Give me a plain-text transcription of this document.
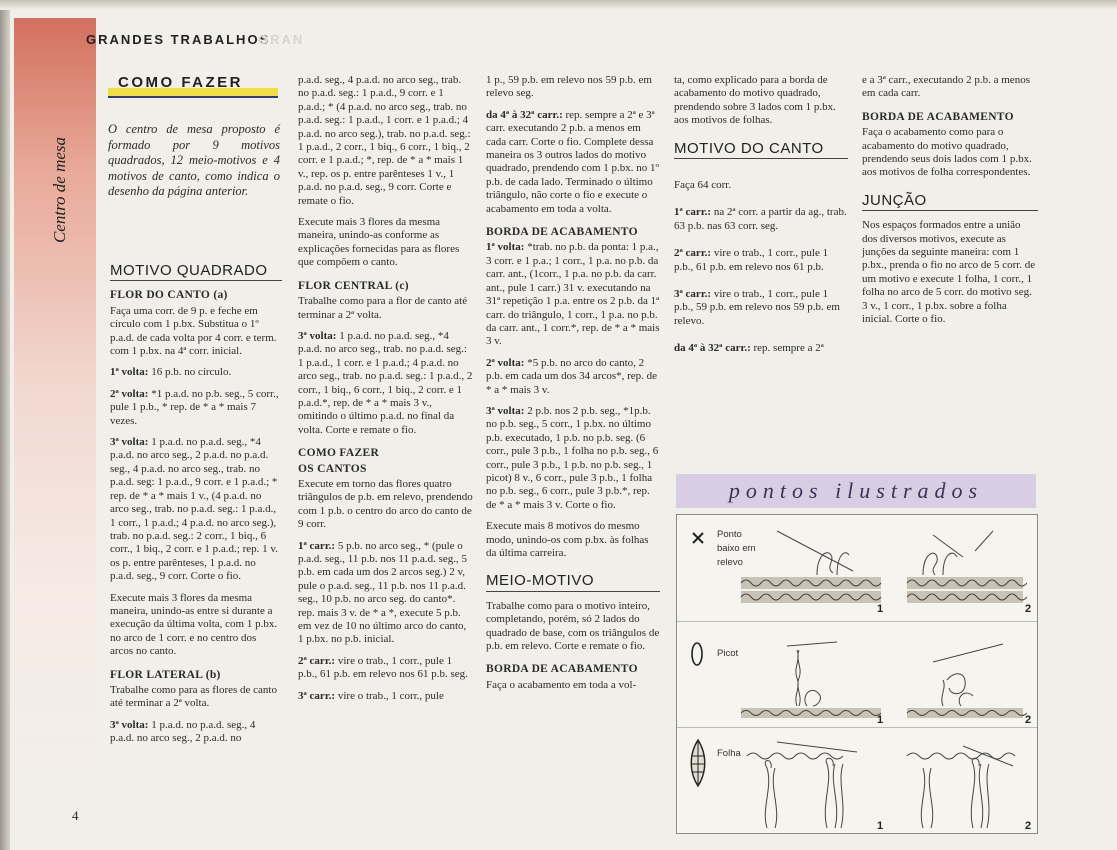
Centro de mesa
GRANDES TRABALHOS
GRAN
COMO FAZER
O centro de mesa proposto é formado por 9 motivos quadrados, 12 meio-motivos e 4 motivos de canto, como indica o desenho da página anterior.
MOTIVO QUADRADO
FLOR DO CANTO (a)

Faça uma corr. de 9 p. e feche em círculo com 1 p.bx. Substitua o 1º p.a.d. de cada volta por 4 corr. e term. com 1 p.bx. na 4ª corr. inicial.

1ª volta: 16 p.b. no círculo.

2ª volta: *1 p.a.d. no p.b. seg., 5 corr., pule 1 p.b., * rep. de * a * mais 7 vezes.

3ª volta: 1 p.a.d. no p.a.d. seg., *4 p.a.d. no arco seg., 2 p.a.d. no p.a.d. seg., 4 p.a.d. no arco seg., trab. no p.a.d. seg: 1 p.a.d., 9 corr. e 1 p.a.d.; * rep. de * a * mais 1 v., (4 p.a.d. no arco seg., trab. no p.a.d. seg.: 1 p.a.d., 1 corr., 1 p.a.d.; 4 p.a.d. no arco seg.), trab. no p.a.d. seg.: 2 corr., 1 biq., 6 corr., 1 biq., 2 corr. e 1 p.a.d.; rep. 1 v. os p. entre parênteses, 1 p.a.d. no p.a.d. seg., 9 corr. Corte o fio.

Execute mais 3 flores da mesma maneira, unindo-as entre si durante a execução da última volta, com 1 p.bx. no arco de 1 corr. e no centro dos arcos no canto.

FLOR LATERAL (b)

Trabalhe como para as flores de canto até terminar a 2ª volta.

3ª volta: 1 p.a.d. no p.a.d. seg., 4 p.a.d. no arco seg., 2 p.a.d. no

p.a.d. seg., 4 p.a.d. no arco seg., trab. no p.a.d. seg.: 1 p.a.d., 9 corr. e 1 p.a.d.; * (4 p.a.d. no arco seg., trab. no p.a.d. seg.: 1 p.a.d., 1 corr. e 1 p.a.d.; 4 p.a.d. no arco seg.), trab. no p.a.d. seg.: 1 p.a.d., 2 corr., 1 biq., 6 corr., 1 biq., 2 corr. e 1 p.a.d.; *, rep. de * a * mais 1 v., rep. os p. entre parênteses 1 v., 1 p.a.d. no p.a.d. seg., 9 corr. Corte e remate o fio.

Execute mais 3 flores da mesma maneira, unindo-as conforme as explicações fornecidas para as flores que compõem o canto.

FLOR CENTRAL (c)

Trabalhe como para a flor de canto até terminar a 2ª volta.

3ª volta: 1 p.a.d. no p.a.d. seg., *4 p.a.d. no arco seg., trab. no p.a.d. seg.: 1 p.a.d., 1 corr. e 1 p.a.d.; 4 p.a.d. no arco seg., trab. no p.a.d. seg.: 1 p.a.d., 2 corr., 1 biq., 6 corr., 1 biq., 2 corr. e 1 p.a.d.*, rep. de * a * mais 3 v., omitindo o último p.a.d. no final da volta. Corte e remate o fio.

COMO FAZER
OS CANTOS

Execute em torno das flores quatro triângulos de p.b. em relevo, prendendo com 1 p.b. o centro do arco do canto de 9 corr.

1ª carr.: 5 p.b. no arco seg., * (pule o p.a.d. seg., 11 p.b. nos 11 p.a.d. seg., 5 p.b. em cada um dos 2 arcos seg.) 2 v, pule o p.a.d. seg., 11 p.b. nos 11 p.a.d. seg., 10 p.b. no arco seg. do canto*. rep. mais 3 v. de * a *, execute 5 p.b. em vez de 10 no último arco do canto, 1 p.bx. no p.b. inicial.

2ª carr.: vire o trab., 1 corr., pule 1 p.b., 61 p.b. em relevo nos 61 p.b. seg.

3ª carr.: vire o trab., 1 corr., pule

1 p., 59 p.b. em relevo nos 59 p.b. em relevo seg.

da 4ª à 32ª carr.: rep. sempre a 2ª e 3ª carr. executando 2 p.b. a menos em cada carr. Corte o fio. Complete dessa maneira os 3 outros lados do motivo quadrado, prendendo com 1 p.bx. no 1º p.b. de cada lado. Terminado o último triângulo, não corte o fio e execute o acabamento em toda a volta.

BORDA DE ACABAMENTO

1ª volta: *trab. no p.b. da ponta: 1 p.a., 3 corr. e 1 p.a.; 1 corr., 1 p.a. no p.b. da carr. ant., (1corr., 1 p.a. no p.b. da carr. ant., pule 1 carr.) 31 v. executando na 31ª repetição 1 p.a. entre os 2 p.b. da 1ª carr. do triângulo, 1 corr., 1 p.a. no p.b. da carr. ant., 1 corr.*, rep. de * a * mais 3 v.

2ª volta: *5 p.b. no arco do canto, 2 p.b. em cada um dos 34 arcos*, rep. de * a * mais 3 v.

3ª volta: 2 p.b. nos 2 p.b. seg., *1p.b. no p.b. seg., 5 corr., 1 p.bx. no último p.b. executado, 1 p.b. no p.b. seg. (6 corr., pule 3 p.b., 1 folha no p.b. seg., 6 corr., pule 3 p.b., 1 p.b. no p.b. seg., 1 picot) 8 v., 6 corr., pule 3 p.b., 1 folha no p.b. seg., 6 corr., pule 3 p.b.*, rep. de * a * mais 3 v. Corte o fio.

Execute mais 8 motivos do mesmo modo, unindo-os com p.bx. às folhas da última carreira.

MEIO-MOTIVO

Trabalhe como para o motivo inteiro, completando, porém, só 2 lados do quadrado de base, com os triângulos de p.b. em relevo. Corte e remate o fio.

BORDA DE ACABAMENTO

Faça o acabamento em toda a vol-

ta, como explicado para a borda de acabamento do motivo quadrado, prendendo sobre 3 lados com 1 p.bx. aos motivos de folhas.

MOTIVO DO CANTO

Faça 64 corr.

1ª carr.: na 2ª corr. a partir da ag., trab. 63 p.b. nas 63 corr. seg.

2ª carr.: vire o trab., 1 corr., pule 1 p.b., 61 p.b. em relevo nos 61 p.b.

3ª carr.: vire o trab., 1 corr., pule 1 p.b., 59 p.b. em relevo nos 59 p.b. em relevo.

da 4ª à 32ª carr.: rep. sempre a 2ª

e a 3ª carr., executando 2 p.b. a menos em cada carr.

BORDA DE ACABAMENTO

Faça o acabamento como para o acabamento do motivo quadrado, prendendo seus dois lados com 1 p.bx. aos motivos de folha correspondentes.

JUNÇÃO

Nos espaços formados entre a união dos diversos motivos, execute as junções da seguinte maneira: com 1 p.bx., prenda o fio no arco de 5 corr. de um motivo e execute 1 folha, 1 corr., 1 folha no arco de 5 corr. do motivo seg. 3 v., 1 corr., 1 p.bx. sobre a folha inicial. Corte o fio.

pontos ilustrados
Ponto
baixo em
relevo
1	2
Picot
1	2
Folha
1	2
4
